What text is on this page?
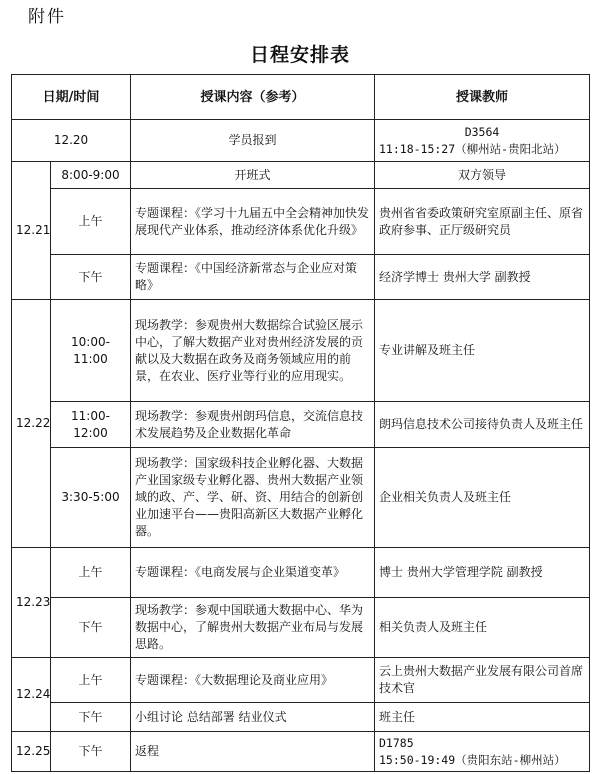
附件
日程安排表
日期/时间		授课内容（参考）	授课教师
12.20		学员报到	D3564
11:18-15:27（柳州站-贵阳北站）

12.21	8:00-9:00	开班式	双方领导
	上午	专题课程：《学习十九届五中全会精神加快发展现代产业体系，推动经济体系优化升级》	贵州省省委政策研究室原副主任、原省政府参事、正厅级研究员
	下午	专题课程：《中国经济新常态与企业应对策略》	经济学博士 贵州大学 副教授
12.22	10:00-11:00	现场教学：参观贵州大数据综合试验区展示中心，了解大数据产业对贵州经济发展的贡献以及大数据在政务及商务领域应用的前景，在农业、医疗业等行业的应用现实。	专业讲解及班主任
	11:00-12:00	现场教学：参观贵州朗玛信息，交流信息技术发展趋势及企业数据化革命	朗玛信息技术公司接待负责人及班主任
	3:30-5:00	现场教学：国家级科技企业孵化器、大数据产业国家级专业孵化器、贵州大数据产业领域的政、产、学、研、资、用结合的创新创业加速平台——贵阳高新区大数据产业孵化器。	企业相关负责人及班主任
12.23	上午	专题课程：《电商发展与企业渠道变革》	博士 贵州大学管理学院 副教授
	下午	现场教学：参观中国联通大数据中心、华为数据中心，了解贵州大数据产业布局与发展思路。	相关负责人及班主任
12.24	上午	专题课程：《大数据理论及商业应用》	云上贵州大数据产业发展有限公司首席技术官
	下午	小组讨论 总结部署 结业仪式	班主任
12.25	下午	返程	D1785
15:50-19:49（贵阳东站-柳州站）
